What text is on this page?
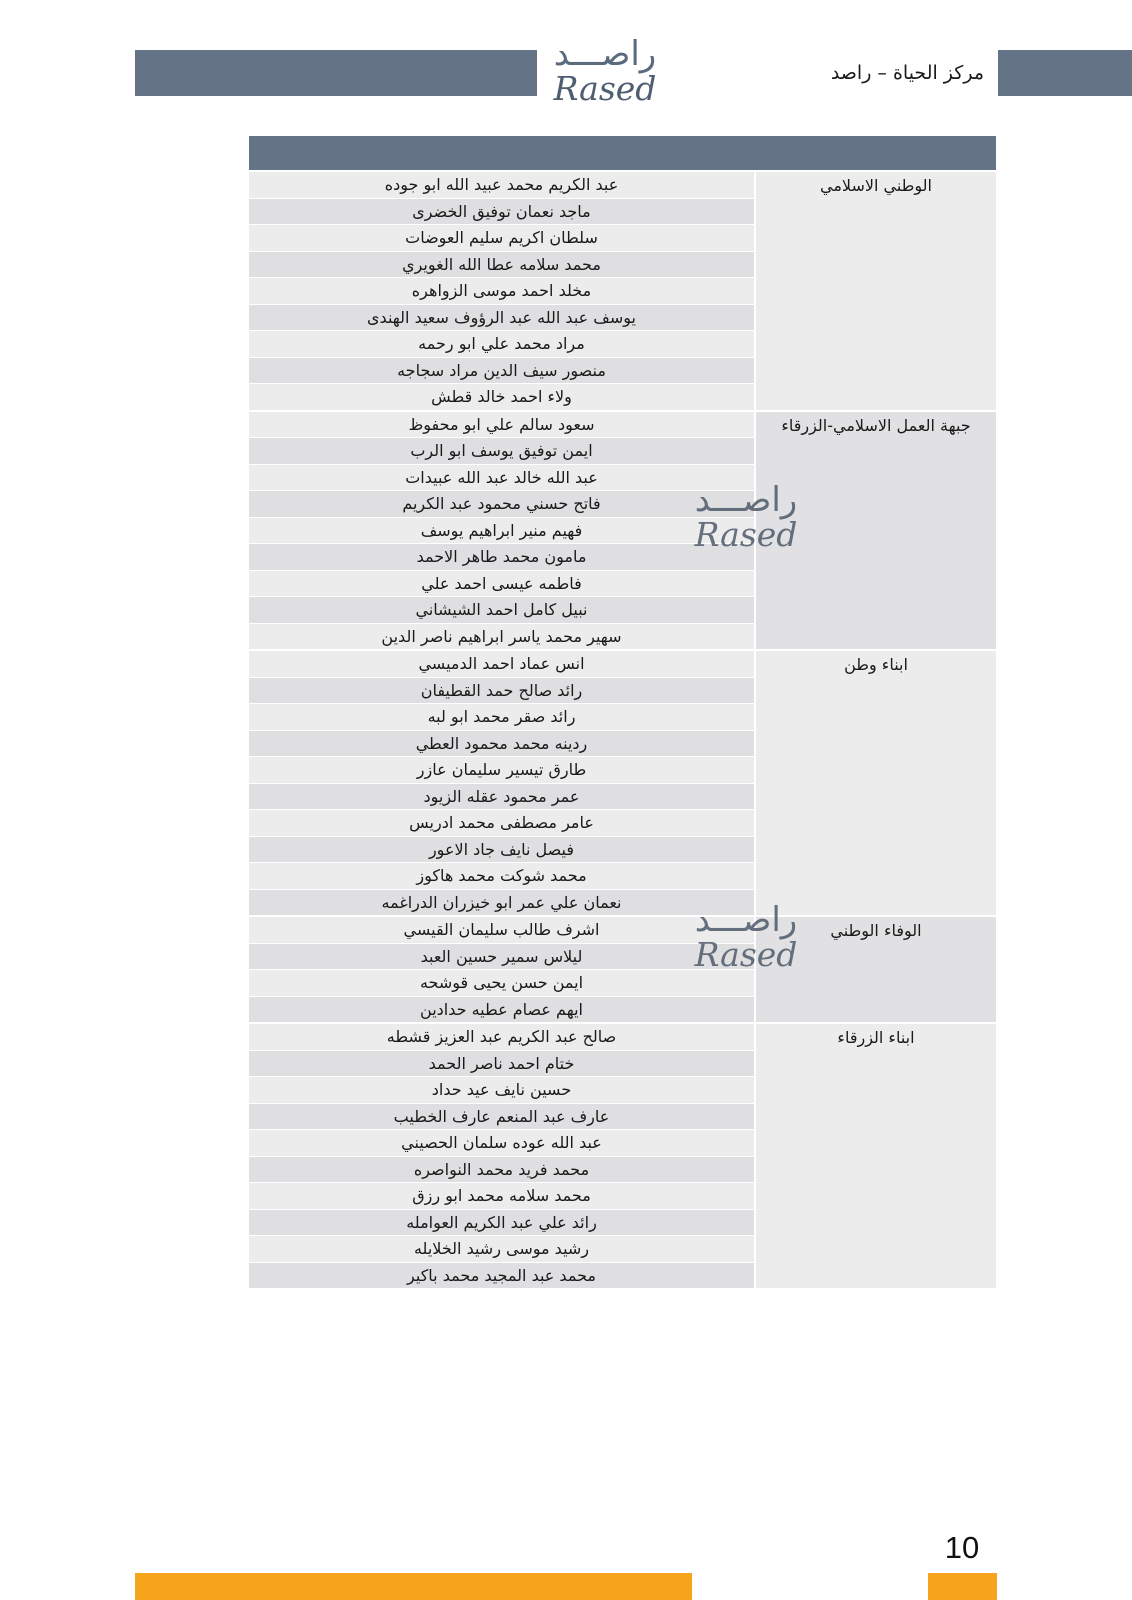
راصـــد
Rased	مركز الحياة – راصد
الوطني الاسلامي
عبد الكريم محمد عبيد الله ابو جوده
ماجد نعمان توفيق الخضرى
سلطان اكريم سليم العوضات
محمد سلامه عطا الله الغويري
مخلد احمد موسى الزواهره
يوسف عبد الله عبد الرؤوف سعيد الهندى
مراد محمد علي ابو رحمه
منصور سيف الدين مراد سجاجه
ولاء احمد خالد قطش
جبهة العمل الاسلامي-الزرقاء
سعود سالم علي ابو محفوظ
ايمن توفيق يوسف ابو الرب
عبد الله خالد عبد الله عبيدات
فاتح حسني محمود عبد الكريم
فهيم منير ابراهيم يوسف
مامون محمد طاهر الاحمد
فاطمه عيسى احمد علي
نبيل كامل احمد الشيشاني
سهير محمد ياسر ابراهيم ناصر الدين
ابناء وطن
انس عماد احمد الدميسي
رائد صالح حمد القطيفان
رائد صقر محمد ابو لبه
ردينه محمد محمود العطي
طارق تيسير سليمان عازر
عمر محمود عقله الزيود
عامر مصطفى محمد ادريس
فيصل نايف جاد الاعور
محمد شوكت محمد هاكوز
نعمان علي عمر ابو خيزران الدراغمه
الوفاء الوطني
اشرف طالب سليمان القيسي
ليلاس سمير حسين العبد
ايمن حسن يحيى قوشحه
ايهم عصام عطيه حدادين
ابناء الزرقاء
صالح عبد الكريم عبد العزيز قشطه
ختام احمد ناصر الحمد
حسين نايف عيد حداد
عارف عبد المنعم عارف الخطيب
عبد الله عوده سلمان الحصيني
محمد فريد محمد النواصره
محمد سلامه محمد ابو رزق
رائد علي عبد الكريم العوامله
رشيد موسى رشيد الخلايله
محمد عبد المجيد محمد باكير
راصـــد
Rased
راصـــد
Rased
10
